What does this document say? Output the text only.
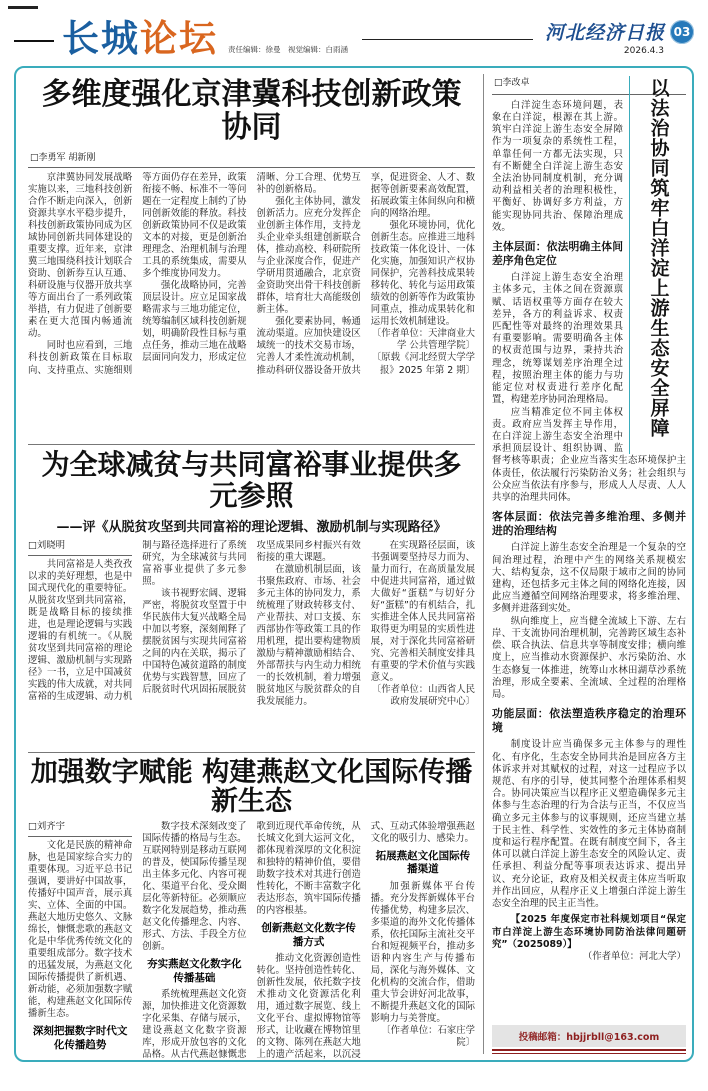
长城论坛 责任编辑：徐曼　视觉编辑：白雨涵
河北经济日报 03
2026.4.3
多维度强化京津冀科技创新政策协同
□李勇军 胡新刚

京津冀协同发展战略实施以来，三地科技创新合作不断走向深入，创新资源共享水平稳步提升，科技创新政策协同成为区域协同创新共同体建设的重要支撑。近年来，京津冀三地围绕科技计划联合资助、创新券互认互通、科研设施与仪器开放共享等方面出台了一系列政策举措，有力促进了创新要素在更大范围内畅通流动。

同时也应看到，三地科技创新政策在目标取向、支持重点、实施细则等方面仍存在差异，政策衔接不畅、标准不一等问题在一定程度上制约了协同创新效能的释放。科技创新政策协同不仅是政策文本的对接，更是创新治理理念、治理机制与治理工具的系统集成，需要从多个维度协同发力。

强化战略协同，完善顶层设计。应立足国家战略需求与三地功能定位，统筹编制区域科技创新规划，明确阶段性目标与重点任务，推动三地在战略层面同向发力，形成定位清晰、分工合理、优势互补的创新格局。

强化主体协同，激发创新活力。应充分发挥企业创新主体作用，支持龙头企业牵头组建创新联合体，推动高校、科研院所与企业深度合作，促进产学研用贯通融合，北京资金资助突出骨干科技创新群体，培育壮大高能级创新主体。

强化要素协同，畅通流动渠道。应加快建设区域统一的技术交易市场，完善人才柔性流动机制，推动科研仪器设备开放共享，促进资金、人才、数据等创新要素高效配置，拓展政策主体间纵向和横向的网络治理。

强化环境协同，优化创新生态。应推进三地科技政策一体化设计、一体化实施，加强知识产权协同保护，完善科技成果转移转化、转化与运用政策绩效的创新等作为政策协同重点，推动成果转化和运用长效机制建设。

〔作者单位：天津商业大学 公共管理学院〕

〔原载《河北经贸大学学报》2025 年第 2 期〕

为全球减贫与共同富裕事业提供多元参照
——评《从脱贫攻坚到共同富裕的理论逻辑、激励机制与实现路径》

□刘晓明

共同富裕是人类孜孜以求的美好理想，也是中国式现代化的重要特征。从脱贫攻坚到共同富裕，既是战略目标的接续推进，也是理论逻辑与实践逻辑的有机统一。《从脱贫攻坚到共同富裕的理论逻辑、激励机制与实现路径》一书，立足中国减贫实践的伟大成就，对共同富裕的生成逻辑、动力机制与路径选择进行了系统研究，为全球减贫与共同富裕事业提供了多元参照。

该书视野宏阔、逻辑严密，将脱贫攻坚置于中华民族伟大复兴战略全局中加以考察，深刻阐释了摆脱贫困与实现共同富裕之间的内在关联，揭示了中国特色减贫道路的制度优势与实践智慧，回应了后脱贫时代巩固拓展脱贫攻坚成果同乡村振兴有效衔接的重大课题。

在激励机制层面，该书聚焦政府、市场、社会多元主体的协同发力，系统梳理了财政转移支付、产业帮扶、对口支援、东西部协作等政策工具的作用机理，提出要构建物质激励与精神激励相结合、外部帮扶与内生动力相统一的长效机制，着力增强脱贫地区与脱贫群众的自我发展能力。

在实现路径层面，该书强调要坚持尽力而为、量力而行，在高质量发展中促进共同富裕，通过做大做好“蛋糕”与切好分好“蛋糕”的有机结合，扎实推进全体人民共同富裕取得更为明显的实质性进展，对于深化共同富裕研究、完善相关制度安排具有重要的学术价值与实践意义。

〔作者单位：山西省人民政府发展研究中心〕

加强数字赋能 构建燕赵文化国际传播新生态

□刘齐宇

文化是民族的精神命脉，也是国家综合实力的重要体现。习近平总书记强调，要讲好中国故事，传播好中国声音，展示真实、立体、全面的中国。燕赵大地历史悠久、文脉绵长，慷慨悲歌的燕赵文化是中华优秀传统文化的重要组成部分。数字技术的迅猛发展，为燕赵文化国际传播提供了新机遇、新动能，必须加强数字赋能，构建燕赵文化国际传播新生态。

深刻把握数字时代文化传播趋势

数字技术深刻改变了国际传播的格局与生态。互联网特别是移动互联网的普及，使国际传播呈现出主体多元化、内容可视化、渠道平台化、受众圈层化等新特征。必须顺应数字化发展趋势，推动燕赵文化传播理念、内容、形式、方法、手段全方位创新。

夯实燕赵文化数字化传播基础

系统梳理燕赵文化资源，加快推进文化资源数字化采集、存储与展示，建设燕赵文化数字资源库，形成开放包容的文化品格。从古代燕赵慷慨悲歌到近现代革命传统，从长城文化到大运河文化，都体现着深厚的文化积淀和独特的精神价值，要借助数字技术对其进行创造性转化，不断丰富数字化表达形态，筑牢国际传播的内容根基。

创新燕赵文化数字传播方式

推动文化资源创造性转化。坚持创造性转化、创新性发展，依托数字技术推动文化资源活化利用，通过数字展览、线上文化平台、虚拟博物馆等形式，让收藏在博物馆里的文物、陈列在燕赵大地上的遗产活起来，以沉浸式、互动式体验增强燕赵文化的吸引力、感染力。

拓展燕赵文化国际传播渠道

加强新媒体平台传播。充分发挥新媒体平台传播优势，构建多层次、多渠道的海外文化传播体系，依托国际主流社交平台和短视频平台，推动多语种内容生产与传播布局，深化与海外媒体、文化机构的交流合作，借助重大节会讲好河北故事，不断提升燕赵文化的国际影响力与美誉度。

〔作者单位：石家庄学院〕

以法治协同筑牢白洋淀上游生态安全屏障
□李改卓

白洋淀生态环境问题，表象在白洋淀，根源在其上游。筑牢白洋淀上游生态安全屏障作为一项复杂的系统性工程，单靠任何一方都无法实现，只有不断健全白洋淀上游生态安全法治协同制度机制，充分调动利益相关者的治理积极性，平衡好、协调好多方利益，方能实现协同共治、保障治理成效。

主体层面：依法明确主体间差序角色定位

白洋淀上游生态安全治理主体多元，主体之间在资源禀赋、话语权重等方面存在较大差异，各方的利益诉求、权责匹配性等对最终的治理效果具有重要影响。需要明确各主体的权责范围与边界，秉持共治理念，统筹谋划差序治理全过程，按照治理主体的能力与功能定位对权责进行差序化配置，构建差序协同治理格局。

应当精准定位不同主体权责。政府应当发挥主导作用，在白洋淀上游生态安全治理中承担顶层设计、组织协调、监督考核等职责；企业应当落实生态环境保护主体责任，依法履行污染防治义务；社会组织与公众应当依法有序参与，形成人人尽责、人人共享的治理共同体。

客体层面：依法完善多维治理、多侧并进的治理结构

白洋淀上游生态安全治理是一个复杂的空间治理过程，治理中产生的网络关系规模宏大、结构复杂，这不仅局限于域市之间的协同建构，还包括多元主体之间的网络化连接，因此应当遵循空间网络治理要求，将多维治理、多侧并进落到实处。

纵向维度上，应当健全流域上下游、左右岸、干支流协同治理机制，完善跨区域生态补偿、联合执法、信息共享等制度安排；横向维度上，应当推动水资源保护、水污染防治、水生态修复一体推进，统筹山水林田湖草沙系统治理，形成全要素、全流域、全过程的治理格局。

功能层面：依法塑造秩序稳定的治理环境

制度设计应当确保多元主体参与的理性化、有序化，生态安全协同共治是回应各方主体诉求并对其赋权的过程，对这一过程应予以规范、有序的引导，使其同整个治理体系相契合。协同决策应当以程序正义塑造确保多元主体参与生态治理的行为合法与正当，不仅应当确立多元主体参与的议事规则，还应当建立基于民主性、科学性、实效性的多元主体协商制度和运行程序配置。在既有制度空间下，各主体可以就白洋淀上游生态安全的风险认定、责任承担、利益分配等事项表达诉求、提出异议、充分论证，政府及相关权责主体应当听取并作出回应，从程序正义上增强白洋淀上游生态安全治理的民主正当性。

【2025 年度保定市社科规划项目“保定市白洋淀上游生态环境协同防治法律问题研究”（2025089）】

（作者单位：河北大学）

投稿邮箱：hbjjrbll@163.com
